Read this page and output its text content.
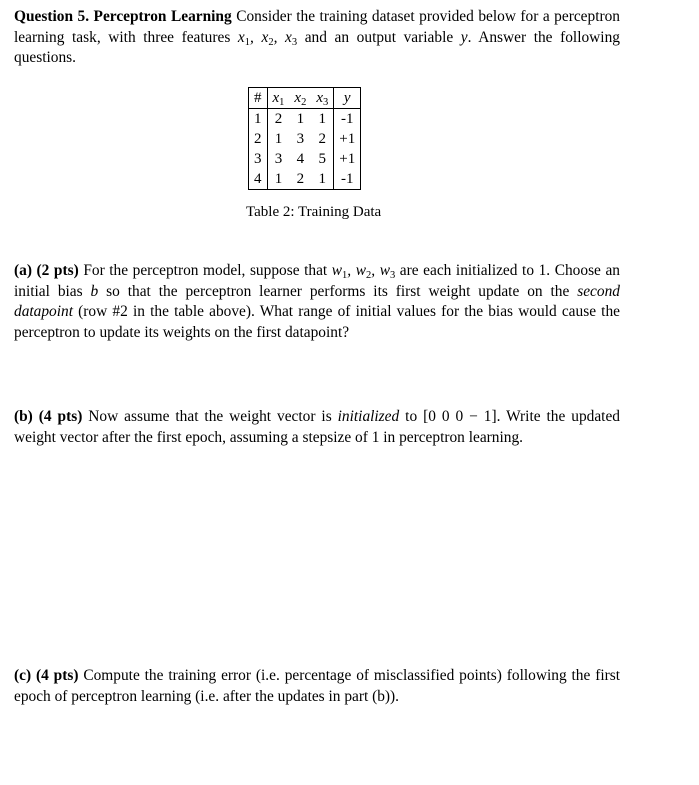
Question 5. Perceptron Learning Consider the training dataset provided below for a perceptron learning task, with three features $x_1$, $x_2$, $x_3$ and an output variable y. Answer the following questions.

#	$x_1$	$x_2$	$x_3$	y
1	2	1	1	-1
2	1	3	2	+1
3	3	4	5	+1
4	1	2	1	-1
Table 2: Training Data

(a) (2 pts) For the perceptron model, suppose that $w_1$, $w_2$, $w_3$ are each initialized to 1. Choose an initial bias b so that the perceptron learner performs its first weight update on the second datapoint (row #2 in the table above). What range of initial values for the bias would cause the perceptron to update its weights on the first datapoint?

(b) (4 pts) Now assume that the weight vector is initialized to [0 0 0 − 1]. Write the updated weight vector after the first epoch, assuming a stepsize of 1 in perceptron learning.

(c) (4 pts) Compute the training error (i.e. percentage of misclassified points) following the first epoch of perceptron learning (i.e. after the updates in part (b)).
